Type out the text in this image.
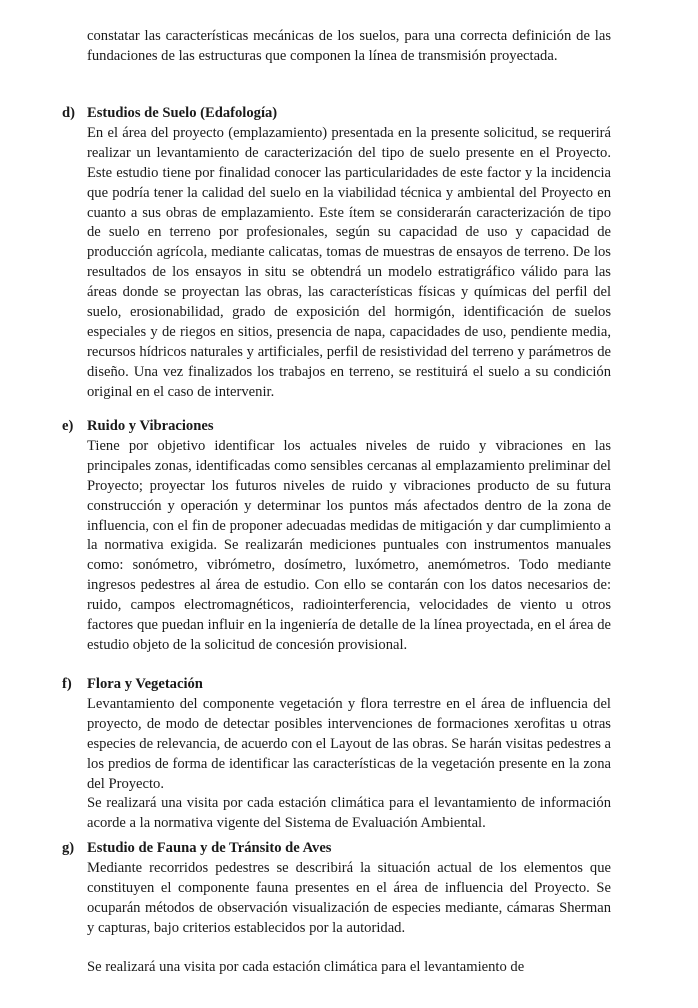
constatar las características mecánicas de los suelos, para una correcta definición de las fundaciones de las estructuras que componen la línea de transmisión proyectada.

d) Estudios de Suelo (Edafología)

En el área del proyecto (emplazamiento) presentada en la presente solicitud, se requerirá realizar un levantamiento de caracterización del tipo de suelo presente en el Proyecto. Este estudio tiene por finalidad conocer las particularidades de este factor y la incidencia que podría tener la calidad del suelo en la viabilidad técnica y ambiental del Proyecto en cuanto a sus obras de emplazamiento. Este ítem se considerarán caracterización de tipo de suelo en terreno por profesionales, según su capacidad de uso y capacidad de producción agrícola, mediante calicatas, tomas de muestras de ensayos de terreno. De los resultados de los ensayos in situ se obtendrá un modelo estratigráfico válido para las áreas donde se proyectan las obras, las características físicas y químicas del perfil del suelo, erosionabilidad, grado de exposición del hormigón, identificación de suelos especiales y de riegos en sitios, presencia de napa, capacidades de uso, pendiente media, recursos hídricos naturales y artificiales, perfil de resistividad del terreno y parámetros de diseño. Una vez finalizados los trabajos en terreno, se restituirá el suelo a su condición original en el caso de intervenir.

e) Ruido y Vibraciones

Tiene por objetivo identificar los actuales niveles de ruido y vibraciones en las principales zonas, identificadas como sensibles cercanas al emplazamiento preliminar del Proyecto; proyectar los futuros niveles de ruido y vibraciones producto de su futura construcción y operación y determinar los puntos más afectados dentro de la zona de influencia, con el fin de proponer adecuadas medidas de mitigación y dar cumplimiento a la normativa exigida. Se realizarán mediciones puntuales con instrumentos manuales como: sonómetro, vibrómetro, dosímetro, luxómetro, anemómetros. Todo mediante ingresos pedestres al área de estudio. Con ello se contarán con los datos necesarios de: ruido, campos electromagnéticos, radiointerferencia, velocidades de viento u otros factores que puedan influir en la ingeniería de detalle de la línea proyectada, en el área de estudio objeto de la solicitud de concesión provisional.

f) Flora y Vegetación

Levantamiento del componente vegetación y flora terrestre en el área de influencia del proyecto, de modo de detectar posibles intervenciones de formaciones xerofitas u otras especies de relevancia, de acuerdo con el Layout de las obras. Se harán visitas pedestres a los predios de forma de identificar las características de la vegetación presente en la zona del Proyecto.

Se realizará una visita por cada estación climática para el levantamiento de información acorde a la normativa vigente del Sistema de Evaluación Ambiental.

g) Estudio de Fauna y de Tránsito de Aves

Mediante recorridos pedestres se describirá la situación actual de los elementos que constituyen el componente fauna presentes en el área de influencia del Proyecto. Se ocuparán métodos de observación visualización de especies mediante, cámaras Sherman y capturas, bajo criterios establecidos por la autoridad.

Se realizará una visita por cada estación climática para el levantamiento de
